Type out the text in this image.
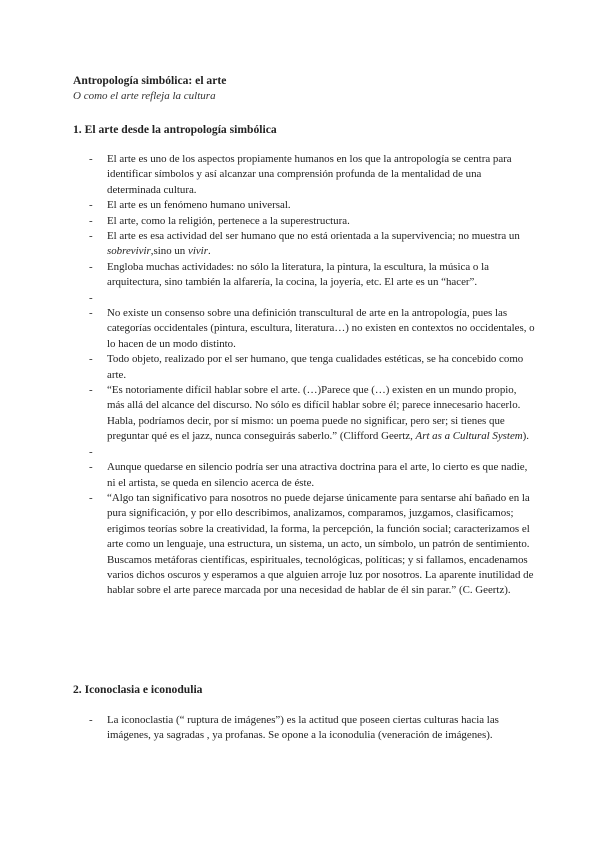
Antropología simbólica: el arte

O como el arte refleja la cultura

1. El arte desde la antropología simbólica

- El arte es uno de los aspectos propiamente humanos en los que la antropología se centra para identificar símbolos y así alcanzar una comprensión profunda de la mentalidad de una determinada cultura.
- El arte es un fenómeno humano universal.
- El arte, como la religión, pertenece a la superestructura.
- El arte es esa actividad del ser humano que no está orientada a la supervivencia; no muestra un sobrevivir,sino un vivir.
- Engloba muchas actividades: no sólo la literatura, la pintura, la escultura, la música o la arquitectura, sino también la alfarería, la cocina, la joyería, etc. El arte es un “hacer”.
-
- No existe un consenso sobre una definición transcultural de arte en la antropología, pues las categorías occidentales (pintura, escultura, literatura…) no existen en contextos no occidentales, o lo hacen de un modo distinto.
- Todo objeto, realizado por el ser humano, que tenga cualidades estéticas, se ha concebido como arte.
- “Es notoriamente difícil hablar sobre el arte. (…)Parece que (…) existen en un mundo propio, más allá del alcance del discurso. No sólo es difícil hablar sobre él; parece innecesario hacerlo. Habla, podríamos decir, por sí mismo: un poema puede no significar, pero ser; si tienes que preguntar qué es el jazz, nunca conseguirás saberlo.” (Clifford Geertz, Art as a Cultural System).
-
- Aunque quedarse en silencio podría ser una atractiva doctrina para el arte, lo cierto es que nadie, ni el artista, se queda en silencio acerca de éste.
- “Algo tan significativo para nosotros no puede dejarse únicamente para sentarse ahí bañado en la pura significación, y por ello describimos, analizamos, comparamos, juzgamos, clasificamos; erigimos teorías sobre la creatividad, la forma, la percepción, la función social; caracterizamos el arte como un lenguaje, una estructura, un sistema, un acto, un símbolo, un patrón de sentimiento. Buscamos metáforas científicas, espirituales, tecnológicas, políticas; y si fallamos, encadenamos varios dichos oscuros y esperamos a que alguien arroje luz por nosotros. La aparente inutilidad de hablar sobre el arte parece marcada por una necesidad de hablar de él sin parar.” (C. Geertz).

2. Iconoclasia e iconodulia

- La iconoclastia (“ ruptura de imágenes”) es la actitud que poseen ciertas culturas hacia las imágenes, ya sagradas , ya profanas. Se opone a la iconodulia (veneración de imágenes).
